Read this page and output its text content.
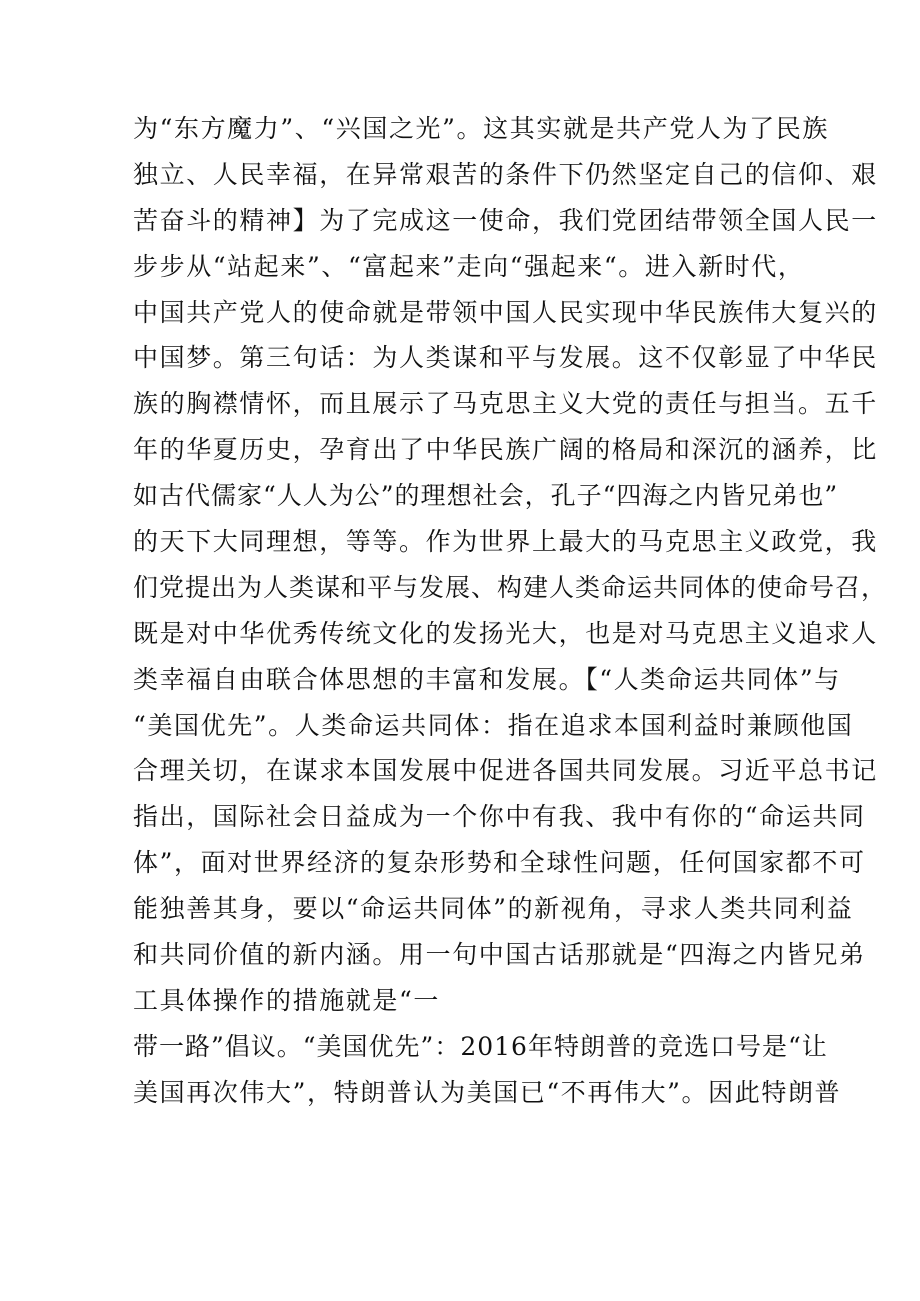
为“东方魔力”、“兴国之光”。这其实就是共产党人为了民族
独立、人民幸福，在异常艰苦的条件下仍然坚定自己的信仰、艰
苦奋斗的精神】为了完成这一使命，我们党团结带领全国人民一
步步从“站起来”、“富起来”走向“强起来“。进入新时代，
中国共产党人的使命就是带领中国人民实现中华民族伟大复兴的
中国梦。第三句话：为人类谋和平与发展。这不仅彰显了中华民
族的胸襟情怀，而且展示了马克思主义大党的责任与担当。五千
年的华夏历史，孕育出了中华民族广阔的格局和深沉的涵养，比
如古代儒家“人人为公”的理想社会，孔子“四海之内皆兄弟也”
的天下大同理想，等等。作为世界上最大的马克思主义政党，我
们党提出为人类谋和平与发展、构建人类命运共同体的使命号召，
既是对中华优秀传统文化的发扬光大，也是对马克思主义追求人
类幸福自由联合体思想的丰富和发展。【“人类命运共同体”与
“美国优先”。人类命运共同体：指在追求本国利益时兼顾他国
合理关切，在谋求本国发展中促进各国共同发展。习近平总书记
指出，国际社会日益成为一个你中有我、我中有你的“命运共同
体”，面对世界经济的复杂形势和全球性问题，任何国家都不可
能独善其身，要以“命运共同体”的新视角，寻求人类共同利益
和共同价值的新内涵。用一句中国古话那就是“四海之内皆兄弟
工具体操作的措施就是“一
带一路”倡议。“美国优先”：2016年特朗普的竞选口号是“让
美国再次伟大”，特朗普认为美国已“不再伟大”。因此特朗普
